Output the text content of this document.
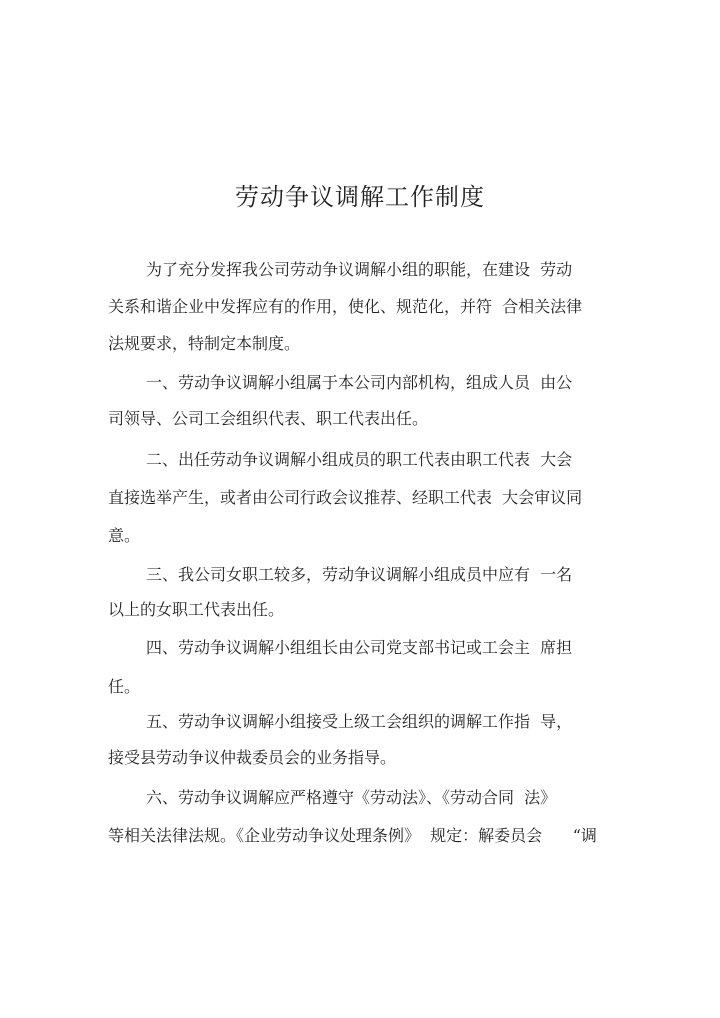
劳动争议调解工作制度

为了充分发挥我公司劳动争议调解小组的职能，在建设  劳动

关系和谐企业中发挥应有的作用，使化、规范化，并符  合相关法律

法规要求，特制定本制度。

一、劳动争议调解小组属于本公司内部机构，组成人员  由公

司领导、公司工会组织代表、职工代表出任。

二、出任劳动争议调解小组成员的职工代表由职工代表  大会

直接选举产生，或者由公司行政会议推荐、经职工代表  大会审议同

意。

三、我公司女职工较多，劳动争议调解小组成员中应有  一名

以上的女职工代表出任。

四、劳动争议调解小组组长由公司党支部书记或工会主  席担

任。

五、劳动争议调解小组接受上级工会组织的调解工作指  导，

接受县劳动争议仲裁委员会的业务指导。

六、劳动争议调解应严格遵守《劳动法》、《劳动合同  法》

等相关法律法规。《企业劳动争议处理条例》  规定：解委员会      “调
